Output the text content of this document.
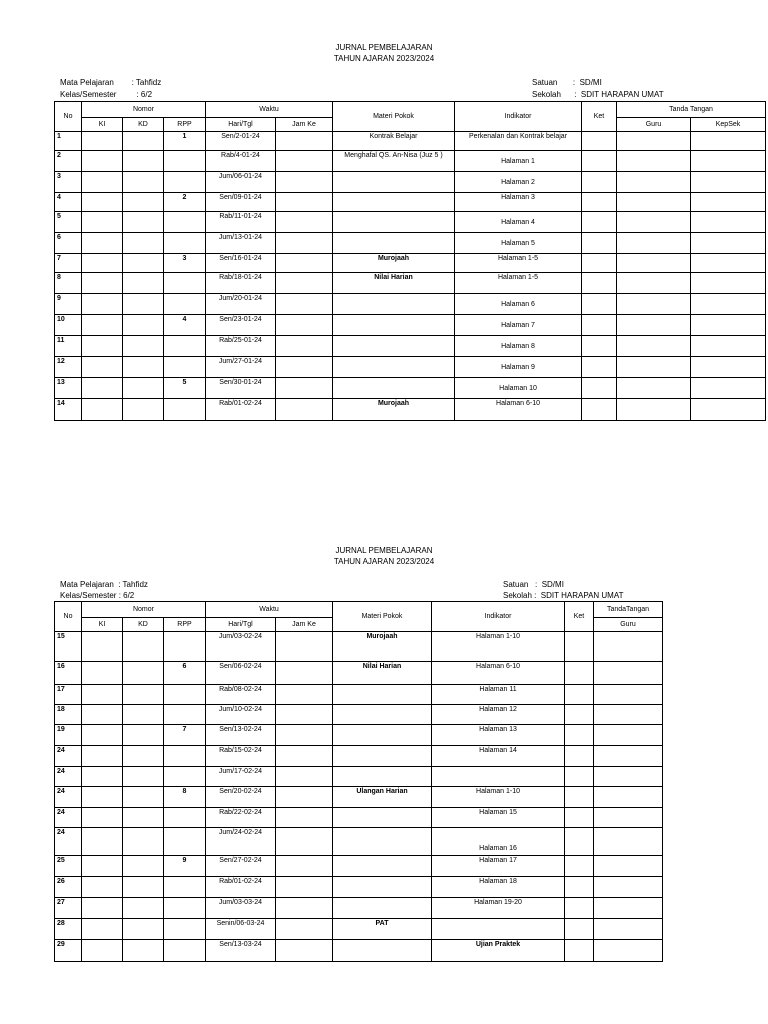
JURNAL PEMBELAJARAN
TAHUN AJARAN 2023/2024
Mata Pelajaran        : Tahfidz
Kelas/Semester         : 6/2
Satuan       :  SD/MI
Sekolah      :  SDIT HARAPAN UMAT
No	Nomor			Waktu		Materi Pokok	Indikator	Ket	Tanda Tangan	
	KI	KD	RPP	Hari/Tgl	Jam Ke				Guru	KepSek
1			1	Sen/2-01-24		Kontrak Belajar	Perkenalan dan Kontrak belajar			
2				Rab/4-01-24		Menghafal QS. An-Nisa (Juz 5 )	Halaman 1			
3				Jum/06-01-24			Halaman 2			
4			2	Sen/09-01-24			Halaman 3			
5				Rab/11-01-24			Halaman 4			
6				Jum/13-01-24			Halaman 5			
7			3	Sen/16-01-24		Murojaah	Halaman 1-5			
8				Rab/18-01-24		Nilai Harian	Halaman 1-5			
9				Jum/20-01-24			Halaman 6			
10			4	Sen/23-01-24			Halaman 7			
11				Rab/25-01-24			Halaman 8			
12				Jum/27-01-24			Halaman 9			
13			5	Sen/30-01-24			Halaman 10			
14				Rab/01-02-24		Murojaah	Halaman 6-10			
JURNAL PEMBELAJARAN
TAHUN AJARAN 2023/2024
Mata Pelajaran  : Tahfidz
Kelas/Semester : 6/2
Satuan   :  SD/MI
Sekolah :  SDIT HARAPAN UMAT
No	Nomor			Waktu		Materi Pokok	Indikator	Ket	TandaTangan
	KI	KD	RPP	Hari/Tgl	Jam Ke				Guru
15				Jum/03-02-24		Murojaah	Halaman 1-10		
16			6	Sen/06-02-24		Nilai Harian	Halaman 6-10		
17				Rab/08-02-24			Halaman 11		
18				Jum/10-02-24			Halaman 12		
19			7	Sen/13-02-24			Halaman 13		
24				Rab/15-02-24			Halaman 14		
24				Jum/17-02-24					
24			8	Sen/20-02-24		Ulangan Harian	Halaman 1-10		
24				Rab/22-02-24			Halaman 15		
24				Jum/24-02-24			Halaman 16		
25			9	Sen/27-02-24			Halaman 17		
26				Rab/01-02-24			Halaman 18		
27				Jum/03-03-24			Halaman 19-20		
28				Senin/06-03-24		PAT			
29				Sen/13-03-24			Ujian Praktek		
